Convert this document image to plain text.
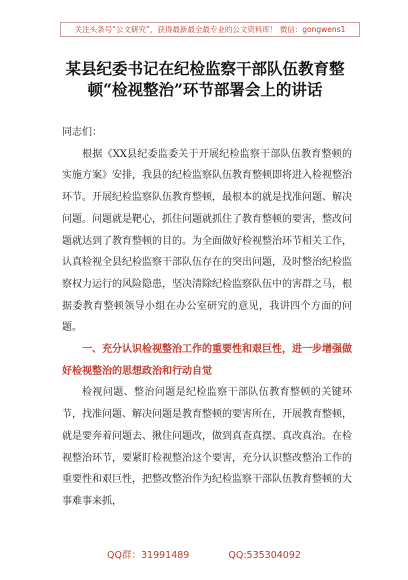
关注头条号“公文研究”，获得最新最全最专业的公文资料库！ 微信：gongwens1
某县纪委书记在纪检监察干部队伍教育整
顿“检视整治”环节部署会上的讲话

同志们：

根据《XX县纪委监委关于开展纪检监察干部队伍教育整顿的实施方案》安排，我县的纪检监察队伍教育整顿即将进入检视整治环节。开展纪检监察队伍教育整顿，最根本的就是找准问题、解决问题。问题就是靶心，抓住问题就抓住了教育整顿的要害，整改问题就达到了教育整顿的目的。为全面做好检视整治环节相关工作，认真检视全县纪检监察干部队伍存在的突出问题，及时整治纪检监察权力运行的风险隐患，坚决清除纪检监察队伍中的害群之马，根据委教育整顿领导小组在办公室研究的意见，我讲四个方面的问题。

一、充分认识检视整治工作的重要性和艰巨性，进一步增强做好检视整治的思想政治和行动自觉

检视问题、整治问题是纪检监察干部队伍教育整顿的关键环节，找准问题、解决问题是教育整顿的要害所在，开展教育整顿，就是要奔着问题去、揪住问题改，做到真查真摆、真改真治。在检视整治环节，要紧盯检视整治这个要害，充分认识整改整治工作的重要性和艰巨性，把整改整治作为纪检监察干部队伍教育整顿的大事难事来抓，

QQ群：31991489	QQ:535304092
